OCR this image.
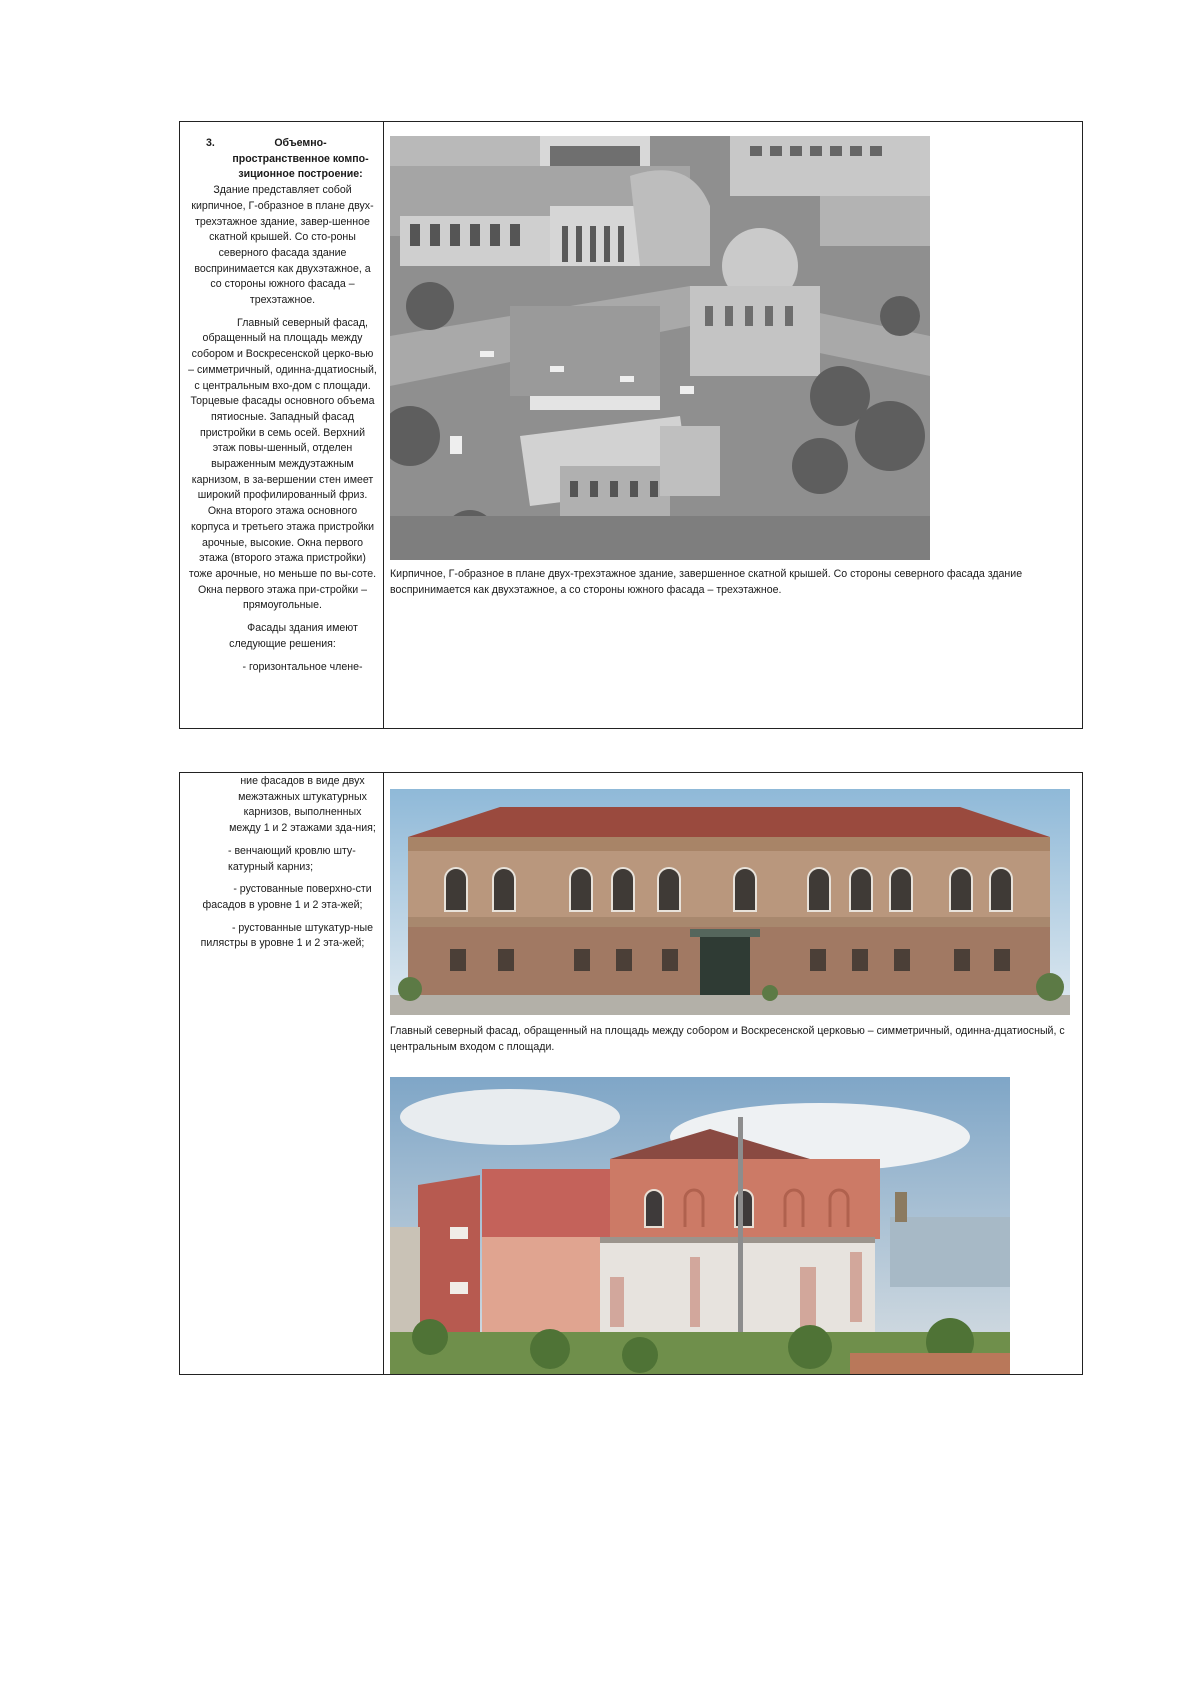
3.	Объемно-пространственное компо-зиционное построение:

Здание представляет собой кирпичное, Г-образное в плане двух-трехэтажное здание, завер-шенное скатной крышей. Со сто-роны северного фасада здание воспринимается как двухэтажное, а со стороны южного фасада – трехэтажное.

Главный северный фасад, обращенный на площадь между собором и Воскресенской церко-вью – симметричный, одинна-дцатиосный, с центральным вхо-дом с площади. Торцевые фасады основного объема пятиосные. Западный фасад пристройки в семь осей. Верхний этаж повы-шенный, отделен выраженным междуэтажным карнизом, в за-вершении стен имеет широкий профилированный фриз. Окна второго этажа основного корпуса и третьего этажа пристройки арочные, высокие. Окна первого этажа (второго этажа пристройки) тоже арочные, но меньше по вы-соте. Окна первого этажа при-стройки – прямоугольные.

Фасады здания имеют следующие решения:

- горизонтальное члене-

Кирпичное, Г-образное в плане двух-трехэтажное здание, завершенное скатной крышей. Со стороны северного фасада здание воспринимается как двухэтажное, а со стороны южного фасада – трехэтажное.

ние фасадов в виде двух межэтажных штукатурных карнизов, выполненных между 1 и 2 этажами зда-ния;

- венчающий кровлю шту-катурный карниз;

- рустованные поверхно-сти фасадов в уровне 1 и 2 эта-жей;

- рустованные штукатур-ные пилястры в уровне 1 и 2 эта-жей;

Главный северный фасад, обращенный на площадь между собором и Воскресенской церковью – симметричный, одинна-дцатиосный, с центральным входом с площади.
